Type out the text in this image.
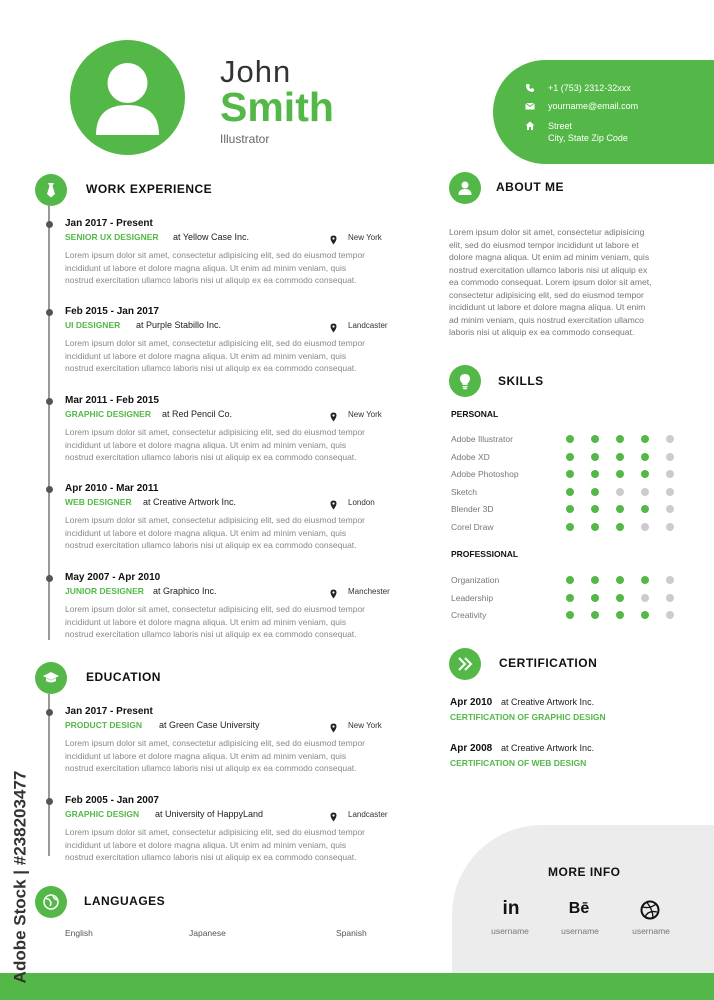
John
Smith
Illustrator
+1 (753) 2312-32xxx
yourname@email.com
Street
City, State Zip Code
WORK EXPERIENCE
Jan 2017 - Present
SENIOR UX DESIGNER at Yellow Case Inc.	New York
Lorem ipsum dolor sit amet, consectetur adipisicing elit, sed do eiusmod tempor
incididunt ut labore et dolore magna aliqua. Ut enim ad minim veniam, quis
nostrud exercitation ullamco laboris nisi ut aliquip ex ea commodo consequat.
Feb 2015 - Jan 2017
UI DESIGNER at Purple Stabillo Inc.	Landcaster
Lorem ipsum dolor sit amet, consectetur adipisicing elit, sed do eiusmod tempor
incididunt ut labore et dolore magna aliqua. Ut enim ad minim veniam, quis
nostrud exercitation ullamco laboris nisi ut aliquip ex ea commodo consequat.
Mar 2011 - Feb 2015
GRAPHIC DESIGNER at Red Pencil Co.	New York
Lorem ipsum dolor sit amet, consectetur adipisicing elit, sed do eiusmod tempor
incididunt ut labore et dolore magna aliqua. Ut enim ad minim veniam, quis
nostrud exercitation ullamco laboris nisi ut aliquip ex ea commodo consequat.
Apr 2010 - Mar 2011
WEB DESIGNER at Creative Artwork Inc.	London
Lorem ipsum dolor sit amet, consectetur adipisicing elit, sed do eiusmod tempor
incididunt ut labore et dolore magna aliqua. Ut enim ad minim veniam, quis
nostrud exercitation ullamco laboris nisi ut aliquip ex ea commodo consequat.
May 2007 - Apr 2010
JUNIOR DESIGNER at Graphico Inc.	Manchester
Lorem ipsum dolor sit amet, consectetur adipisicing elit, sed do eiusmod tempor
incididunt ut labore et dolore magna aliqua. Ut enim ad minim veniam, quis
nostrud exercitation ullamco laboris nisi ut aliquip ex ea commodo consequat.
EDUCATION
Jan 2017 - Present
PRODUCT DESIGN at Green Case University	New York
Lorem ipsum dolor sit amet, consectetur adipisicing elit, sed do eiusmod tempor
incididunt ut labore et dolore magna aliqua. Ut enim ad minim veniam, quis
nostrud exercitation ullamco laboris nisi ut aliquip ex ea commodo consequat.
Feb 2005 - Jan 2007
GRAPHIC DESIGN at University of HappyLand	Landcaster
Lorem ipsum dolor sit amet, consectetur adipisicing elit, sed do eiusmod tempor
incididunt ut labore et dolore magna aliqua. Ut enim ad minim veniam, quis
nostrud exercitation ullamco laboris nisi ut aliquip ex ea commodo consequat.
LANGUAGES
English	Japanese	Spanish
ABOUT ME
Lorem ipsum dolor sit amet, consectetur adipisicing
elit, sed do eiusmod tempor incididunt ut labore et
dolore magna aliqua. Ut enim ad minim veniam, quis
nostrud exercitation ullamco laboris nisi ut aliquip ex
ea commodo consequat. Lorem ipsum dolor sit amet,
consectetur adipisicing elit, sed do eiusmod tempor
incididunt ut labore et dolore magna aliqua. Ut enim
ad minim veniam, quis nostrud exercitation ullamco
laboris nisi ut aliquip ex ea commodo consequat.
SKILLS
PERSONAL
PROFESSIONAL
Adobe Illustrator
Adobe XD
Adobe Photoshop
Sketch
Blender 3D
Corel Draw
Organization
Leadership
Creativity
CERTIFICATION
Apr 2010 at Creative Artwork Inc.
CERTIFICATION OF GRAPHIC DESIGN
Apr 2008 at Creative Artwork Inc.
CERTIFICATION OF WEB DESIGN
MORE INFO
in	Bē
username	username	username
Adobe Stock | #238203477
